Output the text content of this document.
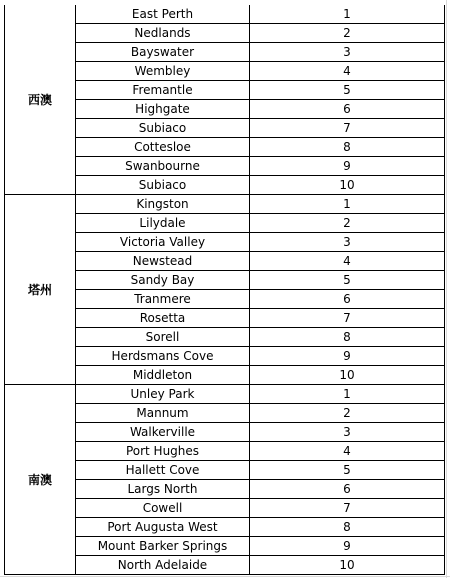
西澳	East Perth	1
	Nedlands	2
	Bayswater	3
	Wembley	4
	Fremantle	5
	Highgate	6
	Subiaco	7
	Cottesloe	8
	Swanbourne	9
	Subiaco	10
塔州	Kingston	1
	Lilydale	2
	Victoria Valley	3
	Newstead	4
	Sandy Bay	5
	Tranmere	6
	Rosetta	7
	Sorell	8
	Herdsmans Cove	9
	Middleton	10
南澳	Unley Park	1
	Mannum	2
	Walkerville	3
	Port Hughes	4
	Hallett Cove	5
	Largs North	6
	Cowell	7
	Port Augusta West	8
	Mount Barker Springs	9
	North Adelaide	10
